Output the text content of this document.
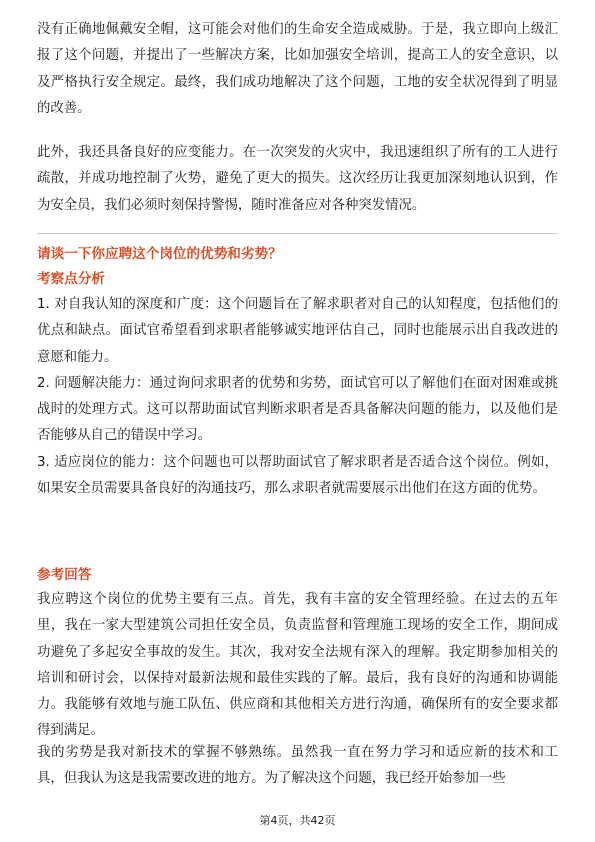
没有正确地佩戴安全帽，这可能会对他们的生命安全造成威胁。于是，我立即向上级汇报了这个问题，并提出了一些解决方案，比如加强安全培训，提高工人的安全意识，以及严格执行安全规定。最终，我们成功地解决了这个问题，工地的安全状况得到了明显的改善。

此外，我还具备良好的应变能力。在一次突发的火灾中，我迅速组织了所有的工人进行疏散，并成功地控制了火势，避免了更大的损失。这次经历让我更加深刻地认识到，作为安全员，我们必须时刻保持警惕，随时准备应对各种突发情况。

请谈一下你应聘这个岗位的优势和劣势？
考察点分析

1. 对自我认知的深度和广度：这个问题旨在了解求职者对自己的认知程度，包括他们的优点和缺点。面试官希望看到求职者能够诚实地评估自己，同时也能展示出自我改进的意愿和能力。

2. 问题解决能力：通过询问求职者的优势和劣势，面试官可以了解他们在面对困难或挑战时的处理方式。这可以帮助面试官判断求职者是否具备解决问题的能力，以及他们是否能够从自己的错误中学习。

3. 适应岗位的能力：这个问题也可以帮助面试官了解求职者是否适合这个岗位。例如，如果安全员需要具备良好的沟通技巧，那么求职者就需要展示出他们在这方面的优势。

参考回答

我应聘这个岗位的优势主要有三点。首先，我有丰富的安全管理经验。在过去的五年里，我在一家大型建筑公司担任安全员，负责监督和管理施工现场的安全工作，期间成功避免了多起安全事故的发生。其次，我对安全法规有深入的理解。我定期参加相关的培训和研讨会，以保持对最新法规和最佳实践的了解。最后，我有良好的沟通和协调能力。我能够有效地与施工队伍、供应商和其他相关方进行沟通，确保所有的安全要求都得到满足。

我的劣势是我对新技术的掌握不够熟练。虽然我一直在努力学习和适应新的技术和工具，但我认为这是我需要改进的地方。为了解决这个问题，我已经开始参加一些

第4页，共42页
